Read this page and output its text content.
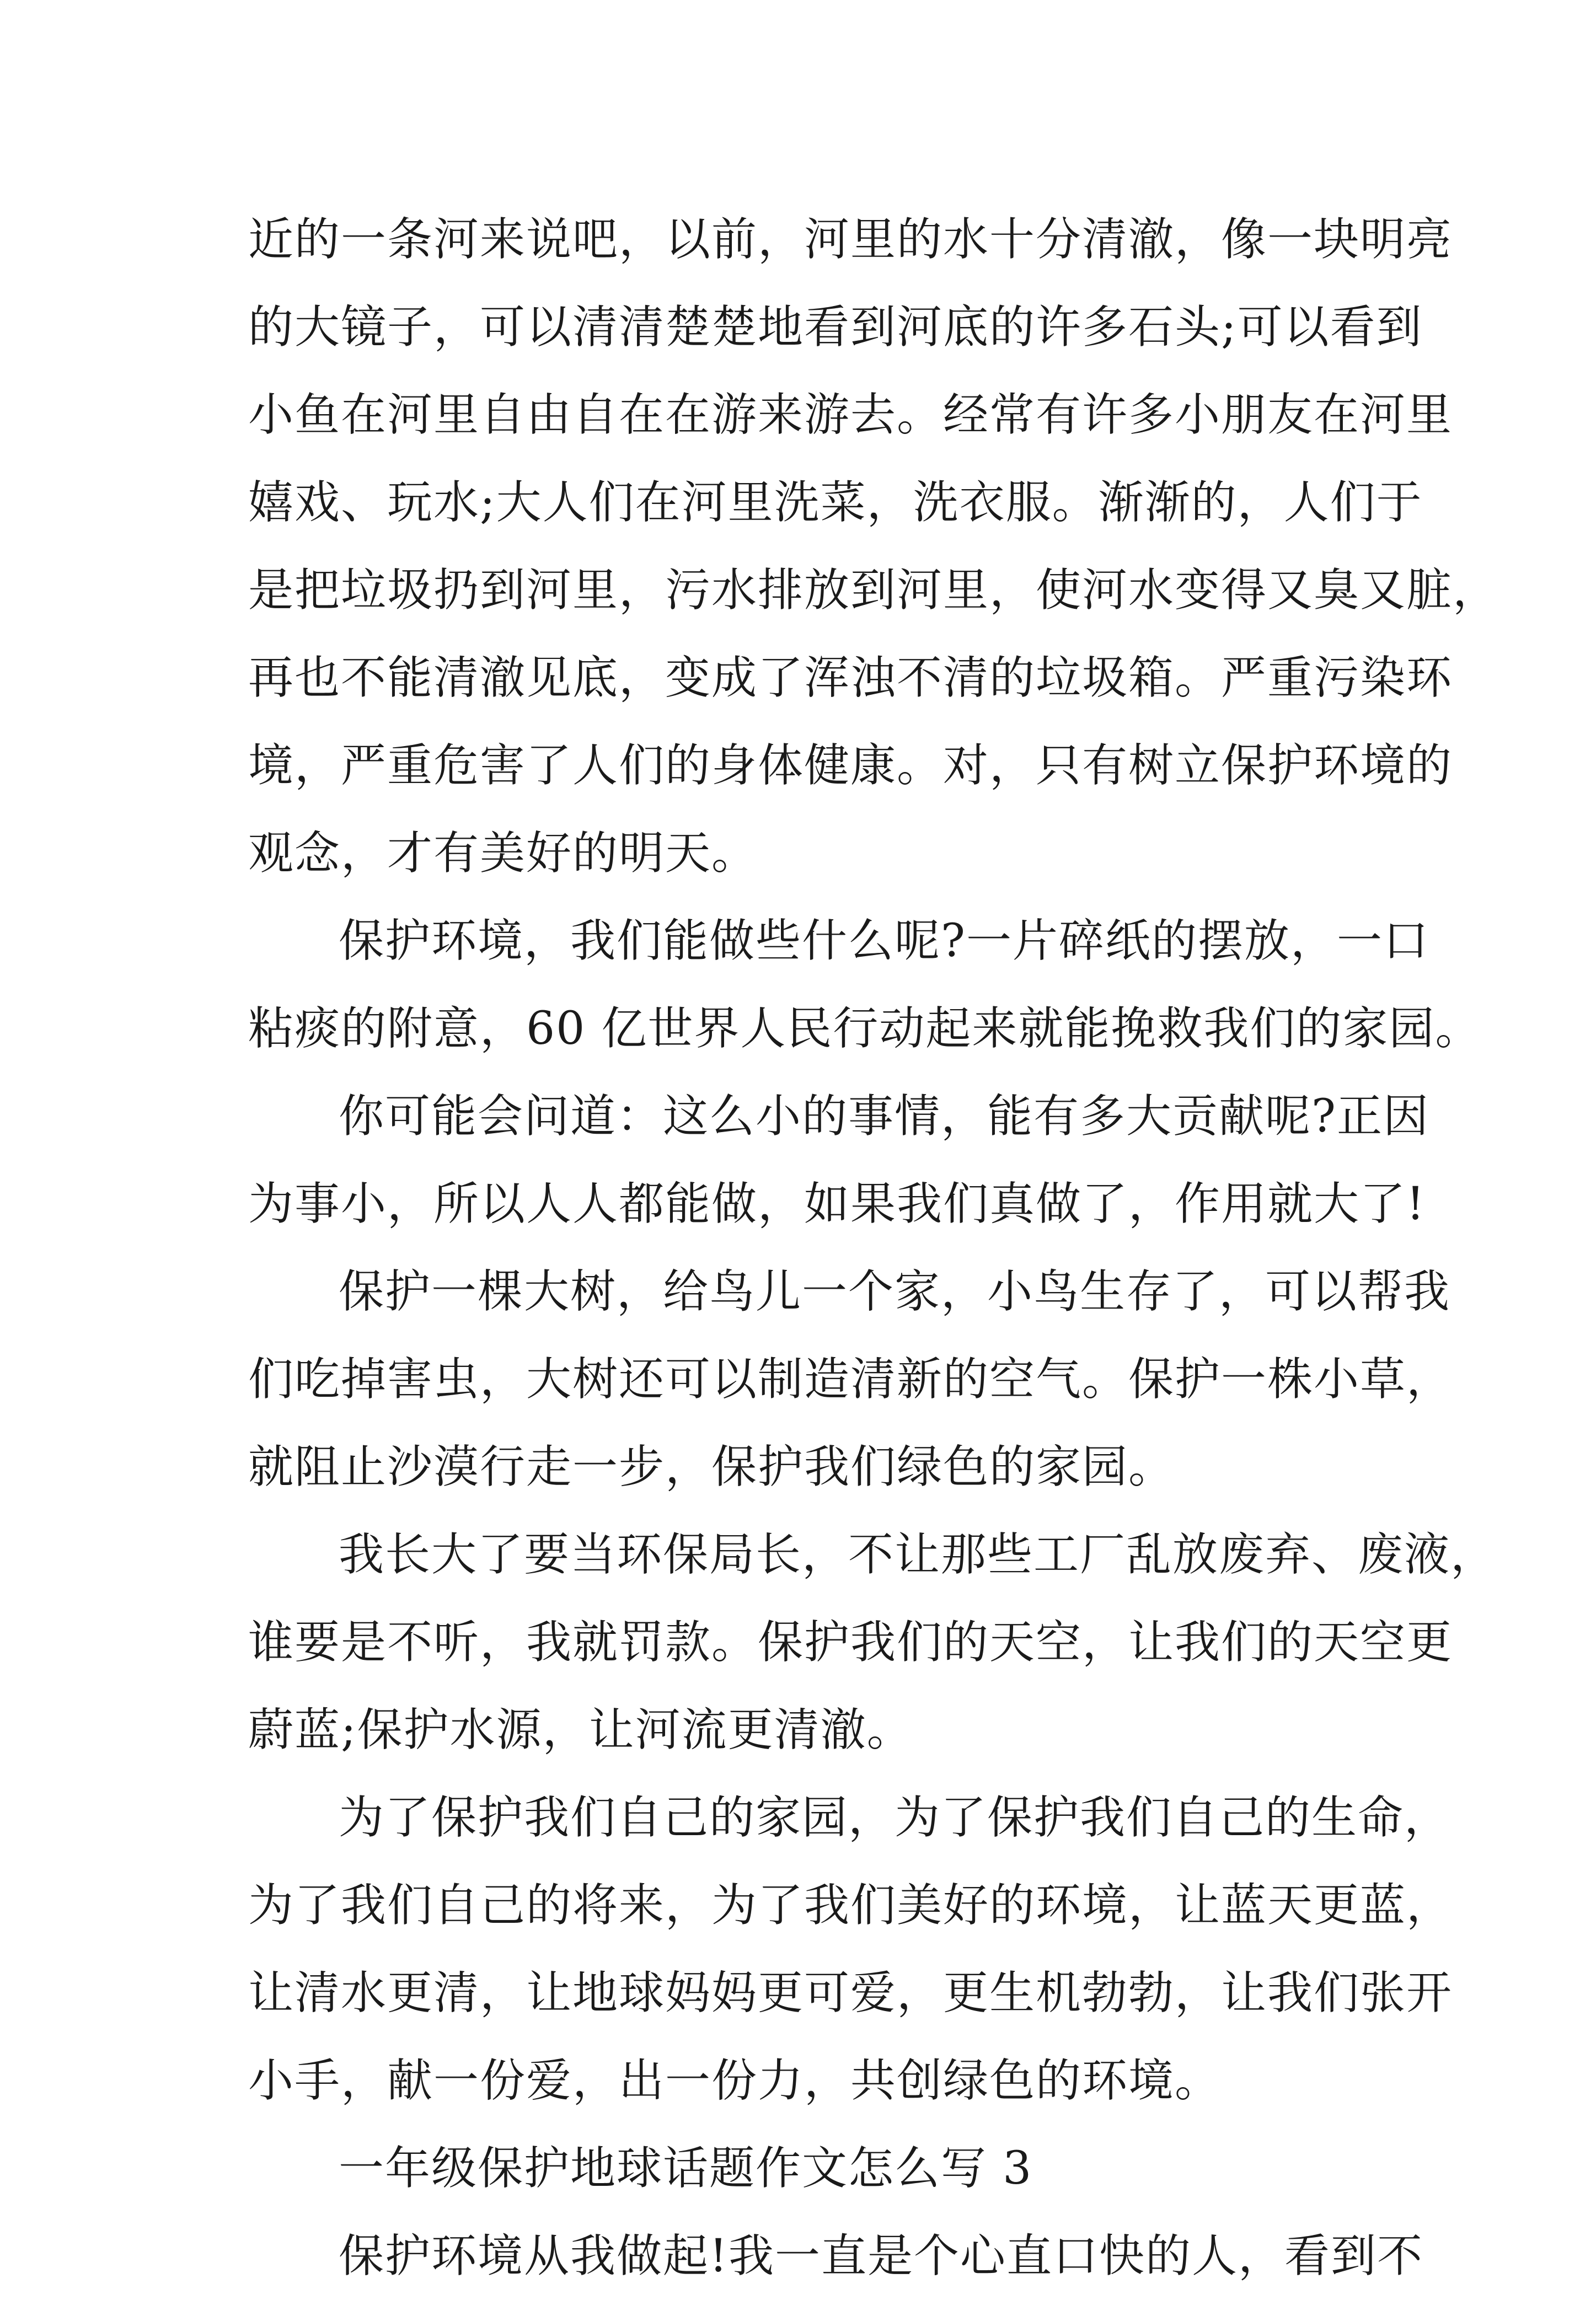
近的一条河来说吧，以前，河里的水十分清澈，像一块明亮

的大镜子，可以清清楚楚地看到河底的许多石头;可以看到

小鱼在河里自由自在在游来游去。经常有许多小朋友在河里

嬉戏、玩水;大人们在河里洗菜，洗衣服。渐渐的，人们于

是把垃圾扔到河里，污水排放到河里，使河水变得又臭又脏，

再也不能清澈见底，变成了浑浊不清的垃圾箱。严重污染环

境，严重危害了人们的身体健康。对，只有树立保护环境的

观念，才有美好的明天。

保护环境，我们能做些什么呢?一片碎纸的摆放，一口

粘痰的附意，60 亿世界人民行动起来就能挽救我们的家园。

你可能会问道：这么小的事情，能有多大贡献呢?正因

为事小，所以人人都能做，如果我们真做了，作用就大了!

保护一棵大树，给鸟儿一个家，小鸟生存了，可以帮我

们吃掉害虫，大树还可以制造清新的空气。保护一株小草，

就阻止沙漠行走一步，保护我们绿色的家园。

我长大了要当环保局长，不让那些工厂乱放废弃、废液，

谁要是不听，我就罚款。保护我们的天空，让我们的天空更

蔚蓝;保护水源，让河流更清澈。

为了保护我们自己的家园，为了保护我们自己的生命，

为了我们自己的将来，为了我们美好的环境，让蓝天更蓝，

让清水更清，让地球妈妈更可爱，更生机勃勃，让我们张开

小手，献一份爱，出一份力，共创绿色的环境。

一年级保护地球话题作文怎么写 3

保护环境从我做起!我一直是个心直口快的人，看到不
